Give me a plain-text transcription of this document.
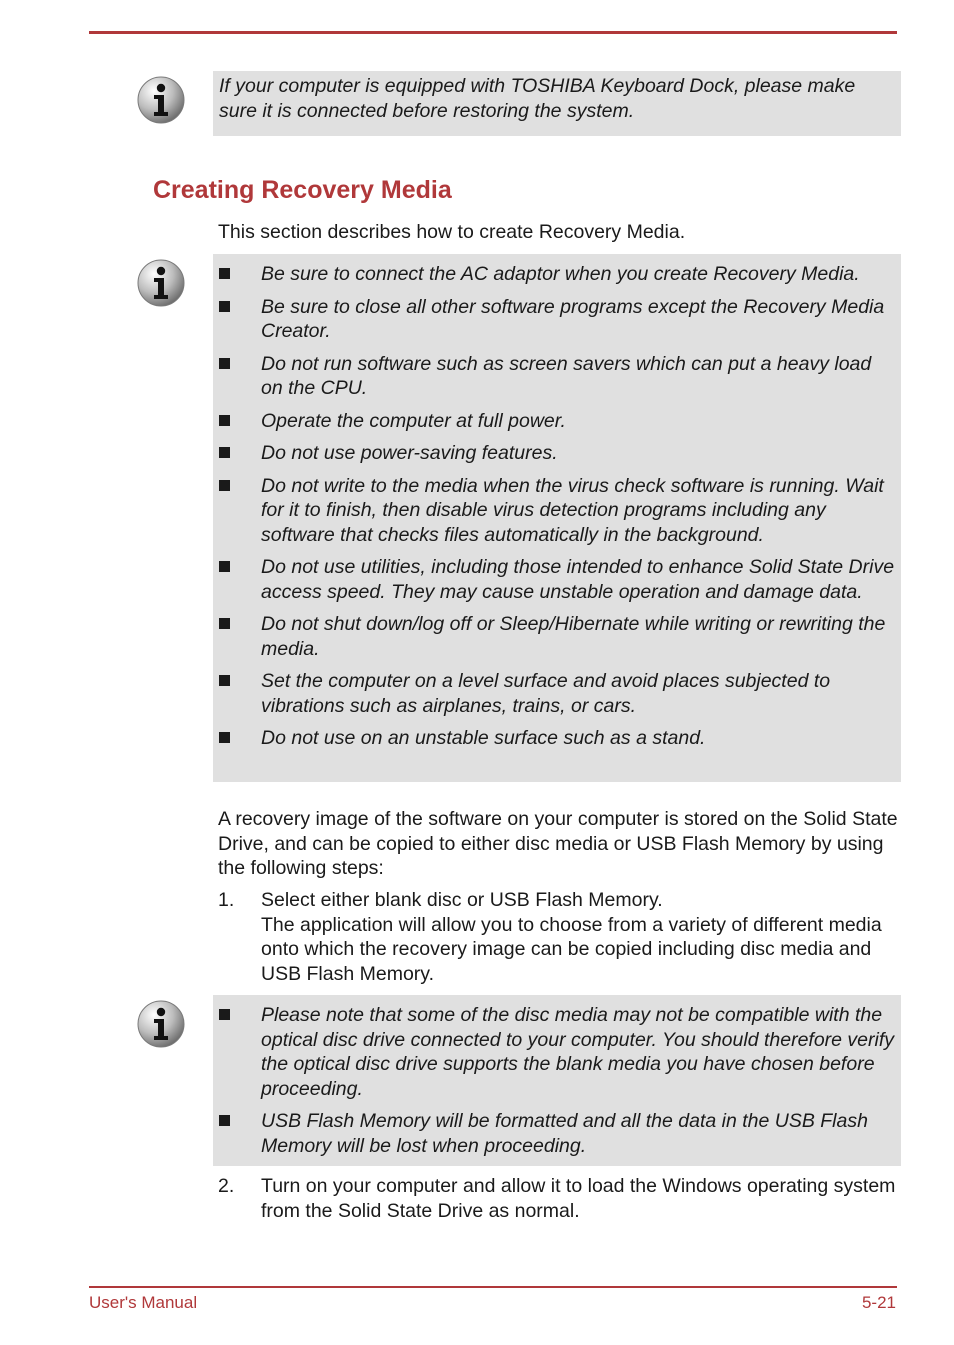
If your computer is equipped with TOSHIBA Keyboard Dock, please make sure it is connected before restoring the system.

Creating Recovery Media

This section describes how to create Recovery Media.

Be sure to connect the AC adaptor when you create Recovery Media.
Be sure to close all other software programs except the Recovery Media Creator.
Do not run software such as screen savers which can put a heavy load on the CPU.
Operate the computer at full power.
Do not use power-saving features.
Do not write to the media when the virus check software is running. Wait for it to finish, then disable virus detection programs including any software that checks files automatically in the background.
Do not use utilities, including those intended to enhance Solid State Drive access speed. They may cause unstable operation and damage data.
Do not shut down/log off or Sleep/Hibernate while writing or rewriting the media.
Set the computer on a level surface and avoid places subjected to vibrations such as airplanes, trains, or cars.
Do not use on an unstable surface such as a stand.

A recovery image of the software on your computer is stored on the Solid State Drive, and can be copied to either disc media or USB Flash Memory by using the following steps:

1. Select either blank disc or USB Flash Memory.
The application will allow you to choose from a variety of different media onto which the recovery image can be copied including disc media and USB Flash Memory.
Please note that some of the disc media may not be compatible with the optical disc drive connected to your computer. You should therefore verify the optical disc drive supports the blank media you have chosen before proceeding.
USB Flash Memory will be formatted and all the data in the USB Flash Memory will be lost when proceeding.
2. Turn on your computer and allow it to load the Windows operating system from the Solid State Drive as normal.
User's Manual	5-21
